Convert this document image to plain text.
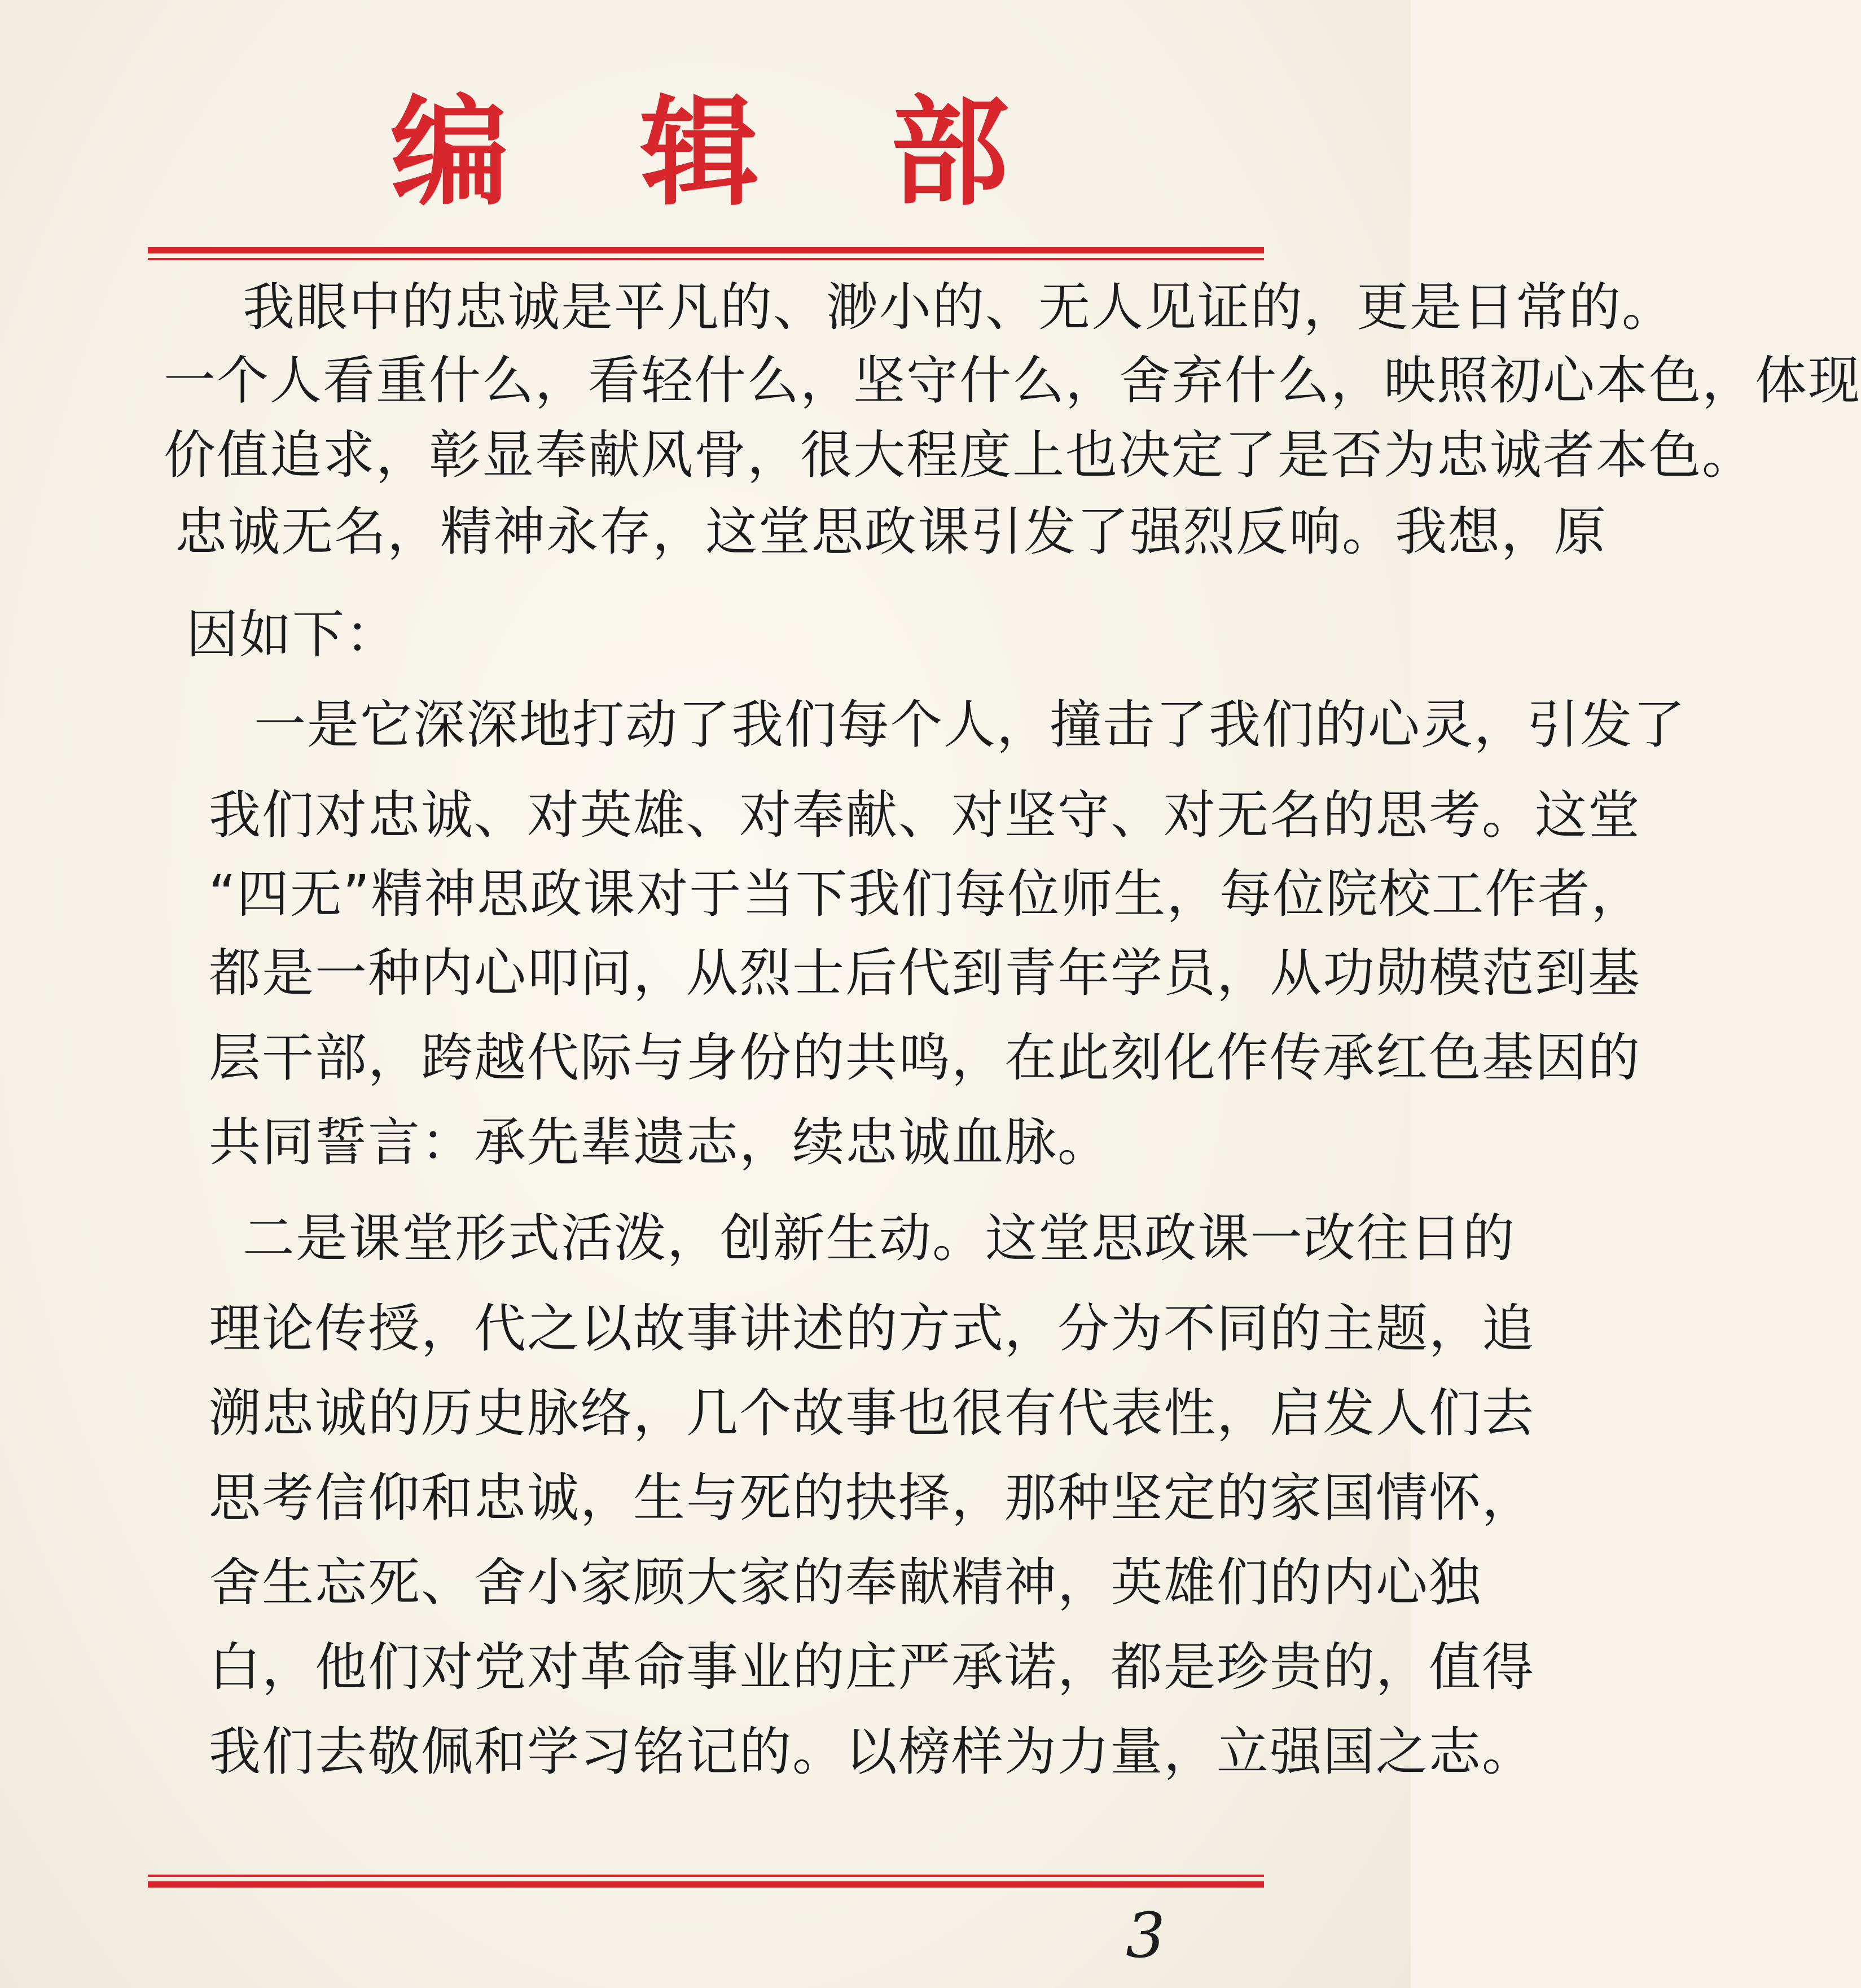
编 辑 部
我眼中的忠诚是平凡的、渺小的、无人见证的，更是日常的。
一个人看重什么，看轻什么，坚守什么，舍弃什么，映照初心本色，体现
价值追求，彰显奉献风骨，很大程度上也决定了是否为忠诚者本色。
忠诚无名，精神永存，这堂思政课引发了强烈反响。我想，原
因如下：
一是它深深地打动了我们每个人，撞击了我们的心灵，引发了
我们对忠诚、对英雄、对奉献、对坚守、对无名的思考。这堂
“四无”精神思政课对于当下我们每位师生，每位院校工作者，
都是一种内心叩问，从烈士后代到青年学员，从功勋模范到基
层干部，跨越代际与身份的共鸣，在此刻化作传承红色基因的
共同誓言：承先辈遗志，续忠诚血脉。
二是课堂形式活泼，创新生动。这堂思政课一改往日的
理论传授，代之以故事讲述的方式，分为不同的主题，追
溯忠诚的历史脉络，几个故事也很有代表性，启发人们去
思考信仰和忠诚，生与死的抉择，那种坚定的家国情怀，
舍生忘死、舍小家顾大家的奉献精神，英雄们的内心独
白，他们对党对革命事业的庄严承诺，都是珍贵的，值得
我们去敬佩和学习铭记的。以榜样为力量，立强国之志。
3
